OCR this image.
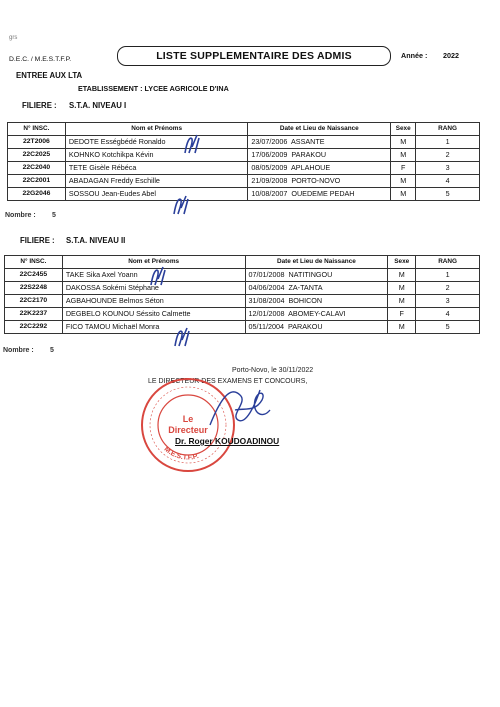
grs
D.E.C. / M.E.S.T.F.P.	LISTE SUPPLEMENTAIRE DES ADMIS	Année : 2022
ENTREE AUX LTA
ETABLISSEMENT : LYCEE AGRICOLE D'INA
FILIERE : S.T.A. NIVEAU I
N° INSC.	Nom et Prénoms	Date et Lieu de Naissance	Sexe	RANG
22T2006	DEDOTE Ességbédé Ronaldo	23/07/2006 ASSANTE	M	1
22C2025	KOHNKO Kotchikpa Kévin	17/06/2009 PARAKOU	M	2
22C2040	TETE Gisèle Rébéca	08/05/2009 APLAHOUE	F	3
22C2001	ABADAGAN Freddy Eschille	21/09/2008 PORTO-NOVO	M	4
22G2046	SOSSOU Jean-Eudes Abel	10/08/2007 OUEDEME PEDAH	M	5
Nombre : 5
FILIERE : S.T.A. NIVEAU II
N° INSC.	Nom et Prénoms	Date et Lieu de Naissance	Sexe	RANG
22C2455	TAKE Sika Axel Yoann	07/01/2008 NATITINGOU	M	1
22S2248	DAKOSSA Sokémi Stéphane	04/06/2004 ZA-TANTA	M	2
22C2170	AGBAHOUNDE Belmos Séton	31/08/2004 BOHICON	M	3
22K2237	DEGBELO KOUNOU Séssito Calmette	12/01/2008 ABOMEY-CALAVI	F	4
22C2292	FICO TAMOU Michaël Monra	05/11/2004 PARAKOU	M	5
Nombre : 5
Porto-Novo, le 30/11/2022
LE DIRECTEUR DES EXAMENS ET CONCOURS,
M.E.S.T.F.P.
Le
Directeur
Dr. Roger KOUDOADINOU
